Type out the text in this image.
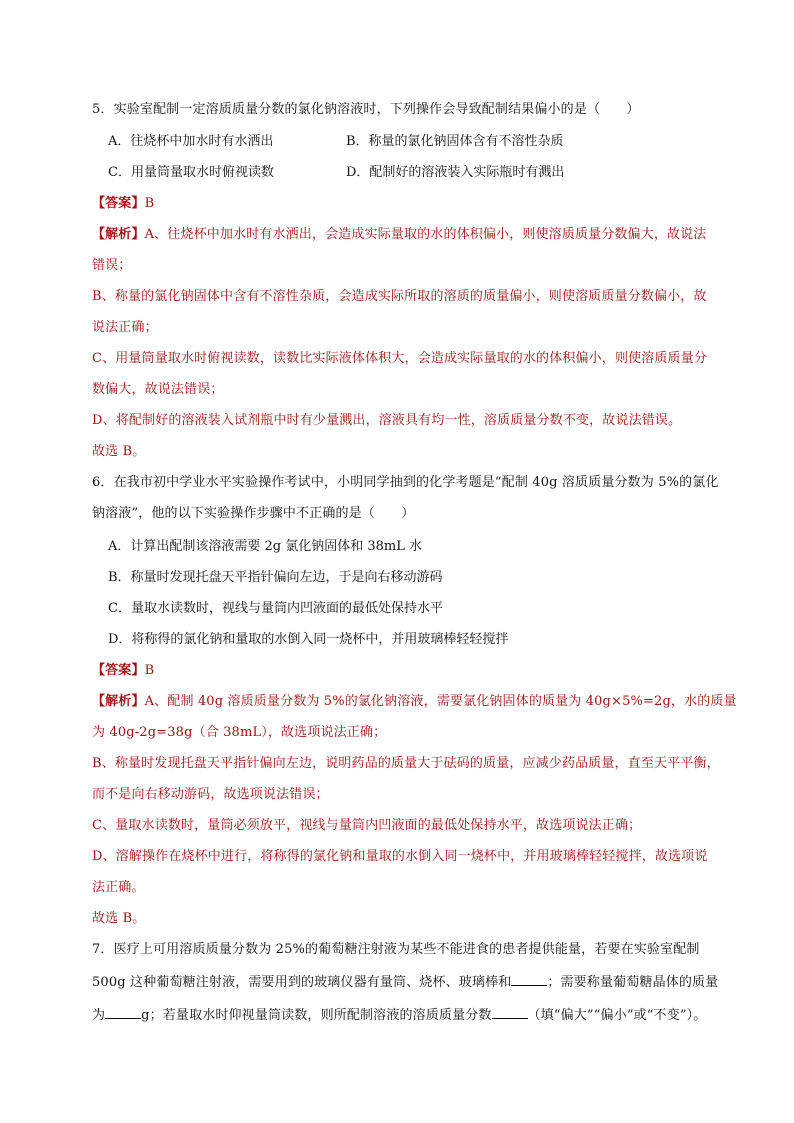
5．实验室配制一定溶质质量分数的氯化钠溶液时，下列操作会导致配制结果偏小的是（　　）
A．往烧杯中加水时有水洒出	B．称量的氯化钠固体含有不溶性杂质
C．用量筒量取水时俯视读数	D．配制好的溶液装入实际瓶时有溅出
【答案】B
【解析】A、往烧杯中加水时有水洒出，会造成实际量取的水的体积偏小，则使溶质质量分数偏大，故说法
错误；
B、称量的氯化钠固体中含有不溶性杂质，会造成实际所取的溶质的质量偏小，则使溶质质量分数偏小，故
说法正确；
C、用量筒量取水时俯视读数，读数比实际液体体积大，会造成实际量取的水的体积偏小，则使溶质质量分
数偏大，故说法错误；
D、将配制好的溶液装入试剂瓶中时有少量溅出，溶液具有均一性，溶质质量分数不变，故说法错误。
故选 B。
6．在我市初中学业水平实验操作考试中，小明同学抽到的化学考题是“配制 40g 溶质质量分数为 5%的氯化
钠溶液”，他的以下实验操作步骤中不正确的是（　　）
A．计算出配制该溶液需要 2g 氯化钠固体和 38mL 水
B．称量时发现托盘天平指针偏向左边，于是向右移动游码
C．量取水读数时，视线与量筒内凹液面的最低处保持水平
D．将称得的氯化钠和量取的水倒入同一烧杯中，并用玻璃棒轻轻搅拌
【答案】B
【解析】A、配制 40g 溶质质量分数为 5%的氯化钠溶液，需要氯化钠固体的质量为 40g×5%=2g，水的质量
为 40g-2g=38g（合 38mL），故选项说法正确；
B、称量时发现托盘天平指针偏向左边，说明药品的质量大于砝码的质量，应减少药品质量，直至天平平衡，
而不是向右移动游码，故选项说法错误；
C、量取水读数时，量筒必须放平，视线与量筒内凹液面的最低处保持水平，故选项说法正确；
D、溶解操作在烧杯中进行，将称得的氯化钠和量取的水倒入同一烧杯中，并用玻璃棒轻轻搅拌，故选项说
法正确。
故选 B。
7．医疗上可用溶质质量分数为 25%的葡萄糖注射液为某些不能进食的患者提供能量，若要在实验室配制
500g 这种葡萄糖注射液，需要用到的玻璃仪器有量筒、烧杯、玻璃棒和	；需要称量葡萄糖晶体的质量
为	g；若量取水时仰视量筒读数，则所配制溶液的溶质质量分数	（填“偏大”“偏小”或“不变”）。
